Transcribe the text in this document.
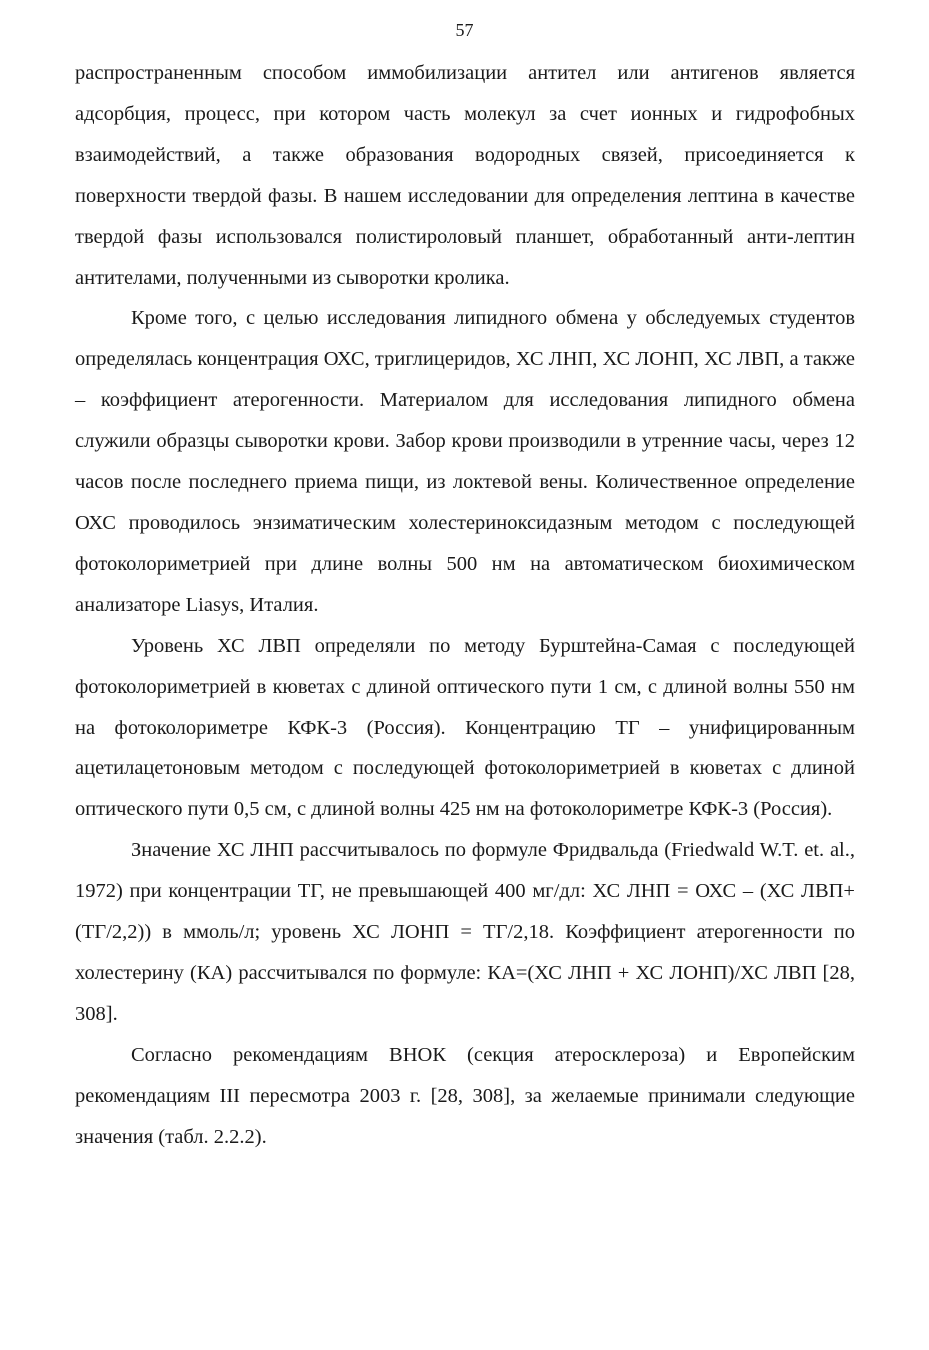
57

распространенным способом иммобилизации антител или антигенов является адсорбция, процесс, при котором часть молекул за счет ионных и гидрофобных взаимодействий, а также образования водородных связей, присоединяется к поверхности твердой фазы. В нашем исследовании для определения лептина в качестве твердой фазы использовался полистироловый планшет, обработанный анти-лептин антителами, полученными из сыворотки кролика.

Кроме того, с целью исследования липидного обмена у обследуемых студентов определялась концентрация ОХС, триглицеридов, ХС ЛНП, ХС ЛОНП, ХС ЛВП, а также – коэффициент атерогенности. Материалом для исследования липидного обмена служили образцы сыворотки крови. Забор крови производили в утренние часы, через 12 часов после последнего приема пищи, из локтевой вены. Количественное определение ОХС проводилось энзиматическим холестериноксидазным методом с последующей фотоколориметрией при длине волны 500 нм на автоматическом биохимическом анализаторе Liasys, Италия.

Уровень ХС ЛВП определяли по методу Бурштейна-Самая с последующей фотоколориметрией в кюветах с длиной оптического пути 1 см, с длиной волны 550 нм на фотоколориметре КФК-3 (Россия). Концентрацию ТГ – унифицированным ацетилацетоновым методом с последующей фотоколориметрией в кюветах с длиной оптического пути 0,5 см, с длиной волны 425 нм на фотоколориметре КФК-3 (Россия).

Значение ХС ЛНП рассчитывалось по формуле Фридвальда (Friedwald W.T. et. al., 1972) при концентрации ТГ, не превышающей 400 мг/дл: ХС ЛНП = ОХС – (ХС ЛВП+(ТГ/2,2)) в ммоль/л; уровень ХС ЛОНП = ТГ/2,18. Коэффициент атерогенности по холестерину (КА) рассчитывался по формуле: КА=(ХС ЛНП + ХС ЛОНП)/ХС ЛВП [28, 308].

Согласно рекомендациям ВНОК (секция атеросклероза) и Европейским рекомендациям III пересмотра 2003 г. [28, 308], за желаемые принимали следующие значения (табл. 2.2.2).
